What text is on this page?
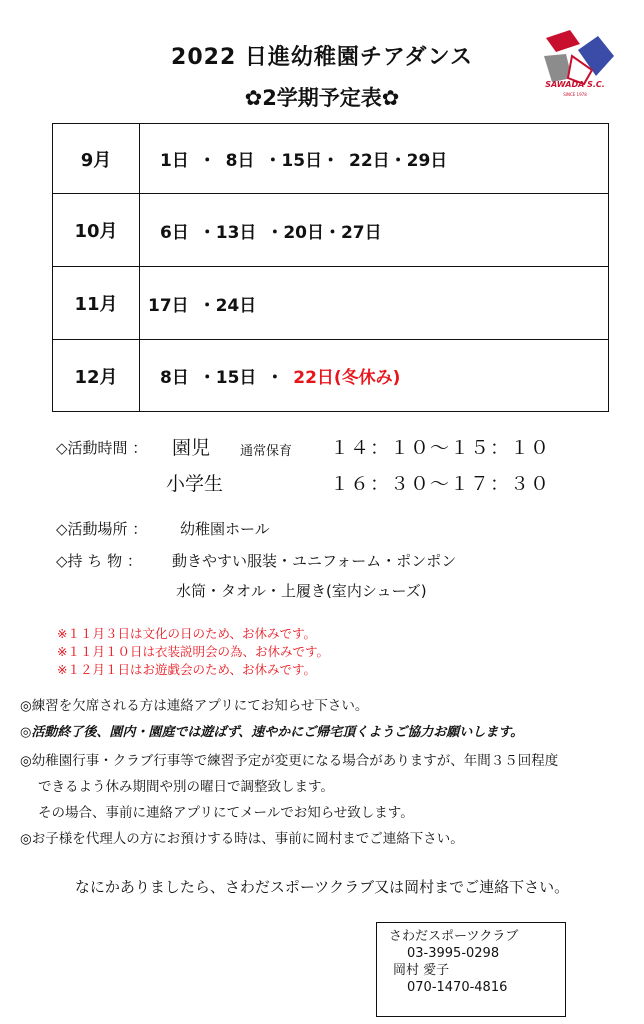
2022 日進幼稚園チアダンス
✿2学期予定表✿
SAWADA S.C.
SINCE 1978
9月	1日 ・ 8日 ・15日・ 22日・29日
10月	6日 ・13日 ・20日・27日
11月	17日 ・24日
12月	8日 ・15日 ・ 22日(冬休み)
◇活動時間 ： 園児 通常保育 １４：１０～１５：１０
小学生	１６：３０～１７：３０
◇活動場所 ： 幼稚園ホール
◇持 ち 物 ： 動きやすい服装・ユニフォーム・ポンポン
水筒・タオル・上履き(室内シューズ)
※１１月３日は文化の日のため、お休みです。
※１１月１０日は衣装説明会の為、お休みです。
※１２月１日はお遊戯会のため、お休みです。
◎練習を欠席される方は連絡アプリにてお知らせ下さい。
◎活動終了後、園内・園庭では遊ばず、速やかにご帰宅頂くようご協力お願いします。
◎幼稚園行事・クラブ行事等で練習予定が変更になる場合がありますが、年間３５回程度
できるよう休み期間や別の曜日で調整致します。
その場合、事前に連絡アプリにてメールでお知らせ致します。
◎お子様を代理人の方にお預けする時は、事前に岡村までご連絡下さい。
なにかありましたら、さわだスポーツクラブ又は岡村までご連絡下さい。
さわだスポーツクラブ
03-3995-0298
岡村 愛子
070-1470-4816
